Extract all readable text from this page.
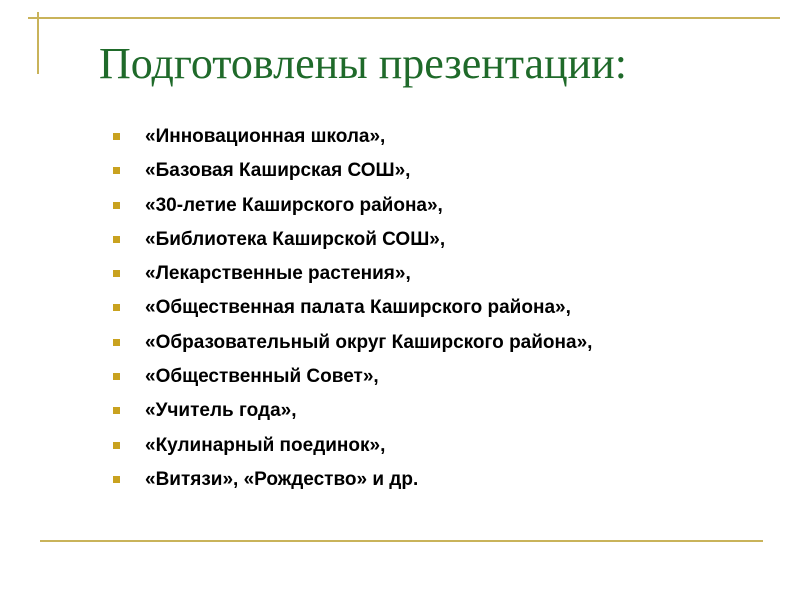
Подготовлены презентации:
«Инновационная школа»,
«Базовая Каширская СОШ»,
«30-летие Каширского района»,
«Библиотека Каширской СОШ»,
«Лекарственные растения»,
«Общественная палата Каширского района»,
«Образовательный округ Каширского района»,
«Общественный Совет»,
«Учитель года»,
«Кулинарный поединок»,
«Витязи», «Рождество» и др.
